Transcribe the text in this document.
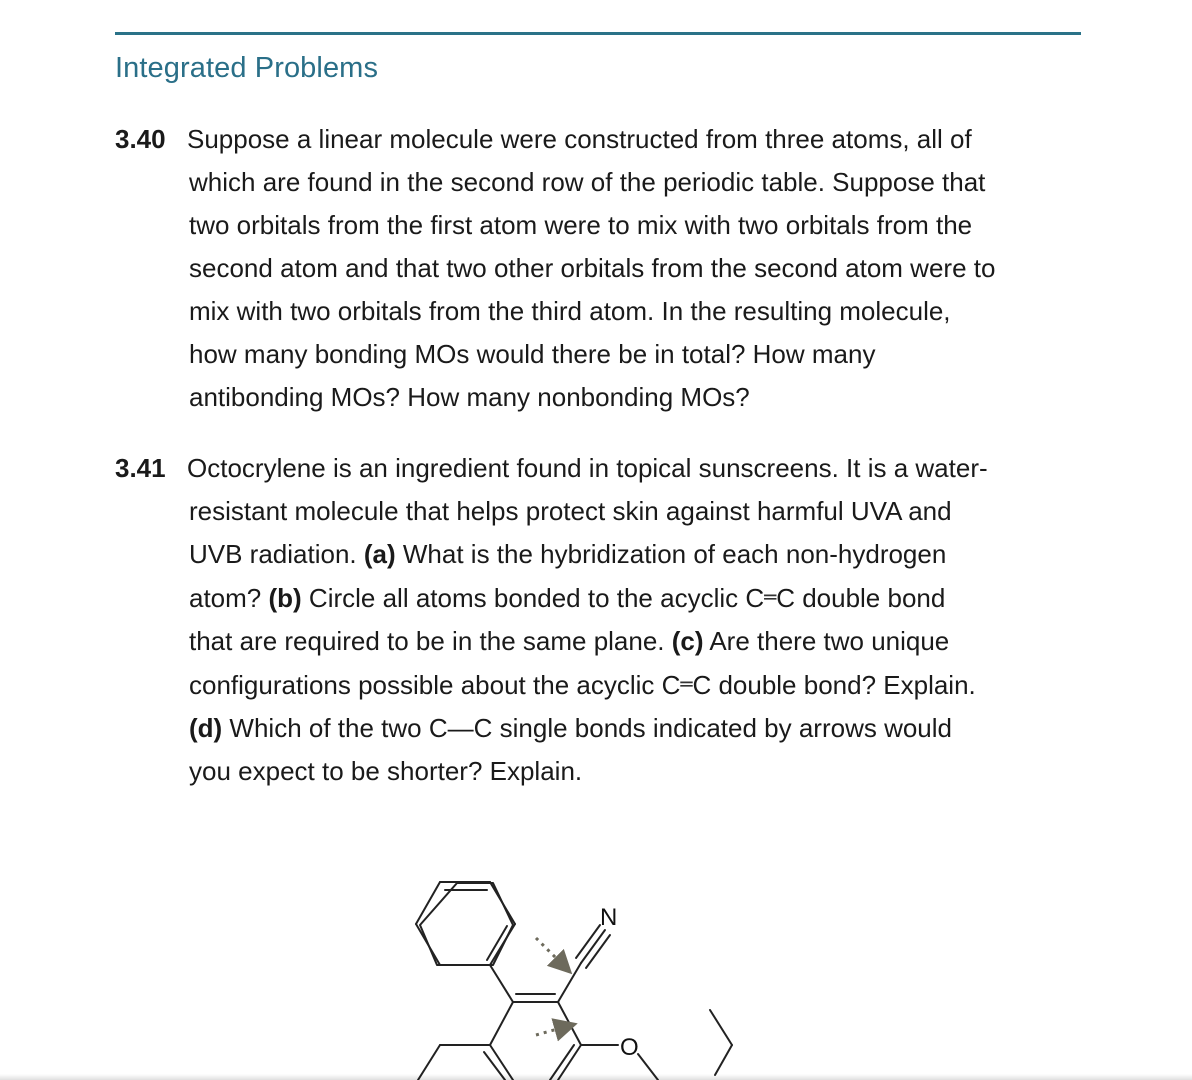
Integrated Problems
3.40 Suppose a linear molecule were constructed from three atoms, all of
which are found in the second row of the periodic table. Suppose that
two orbitals from the first atom were to mix with two orbitals from the
second atom and that two other orbitals from the second atom were to
mix with two orbitals from the third atom. In the resulting molecule,
how many bonding MOs would there be in total? How many
antibonding MOs? How many nonbonding MOs?
3.41 Octocrylene is an ingredient found in topical sunscreens. It is a water-
resistant molecule that helps protect skin against harmful UVA and
UVB radiation. (a) What is the hybridization of each non-hydrogen
atom? (b) Circle all atoms bonded to the acyclic C═C double bond
that are required to be in the same plane. (c) Are there two unique
configurations possible about the acyclic C═C double bond? Explain.
(d) Which of the two C—C single bonds indicated by arrows would
you expect to be shorter? Explain.
N
O
